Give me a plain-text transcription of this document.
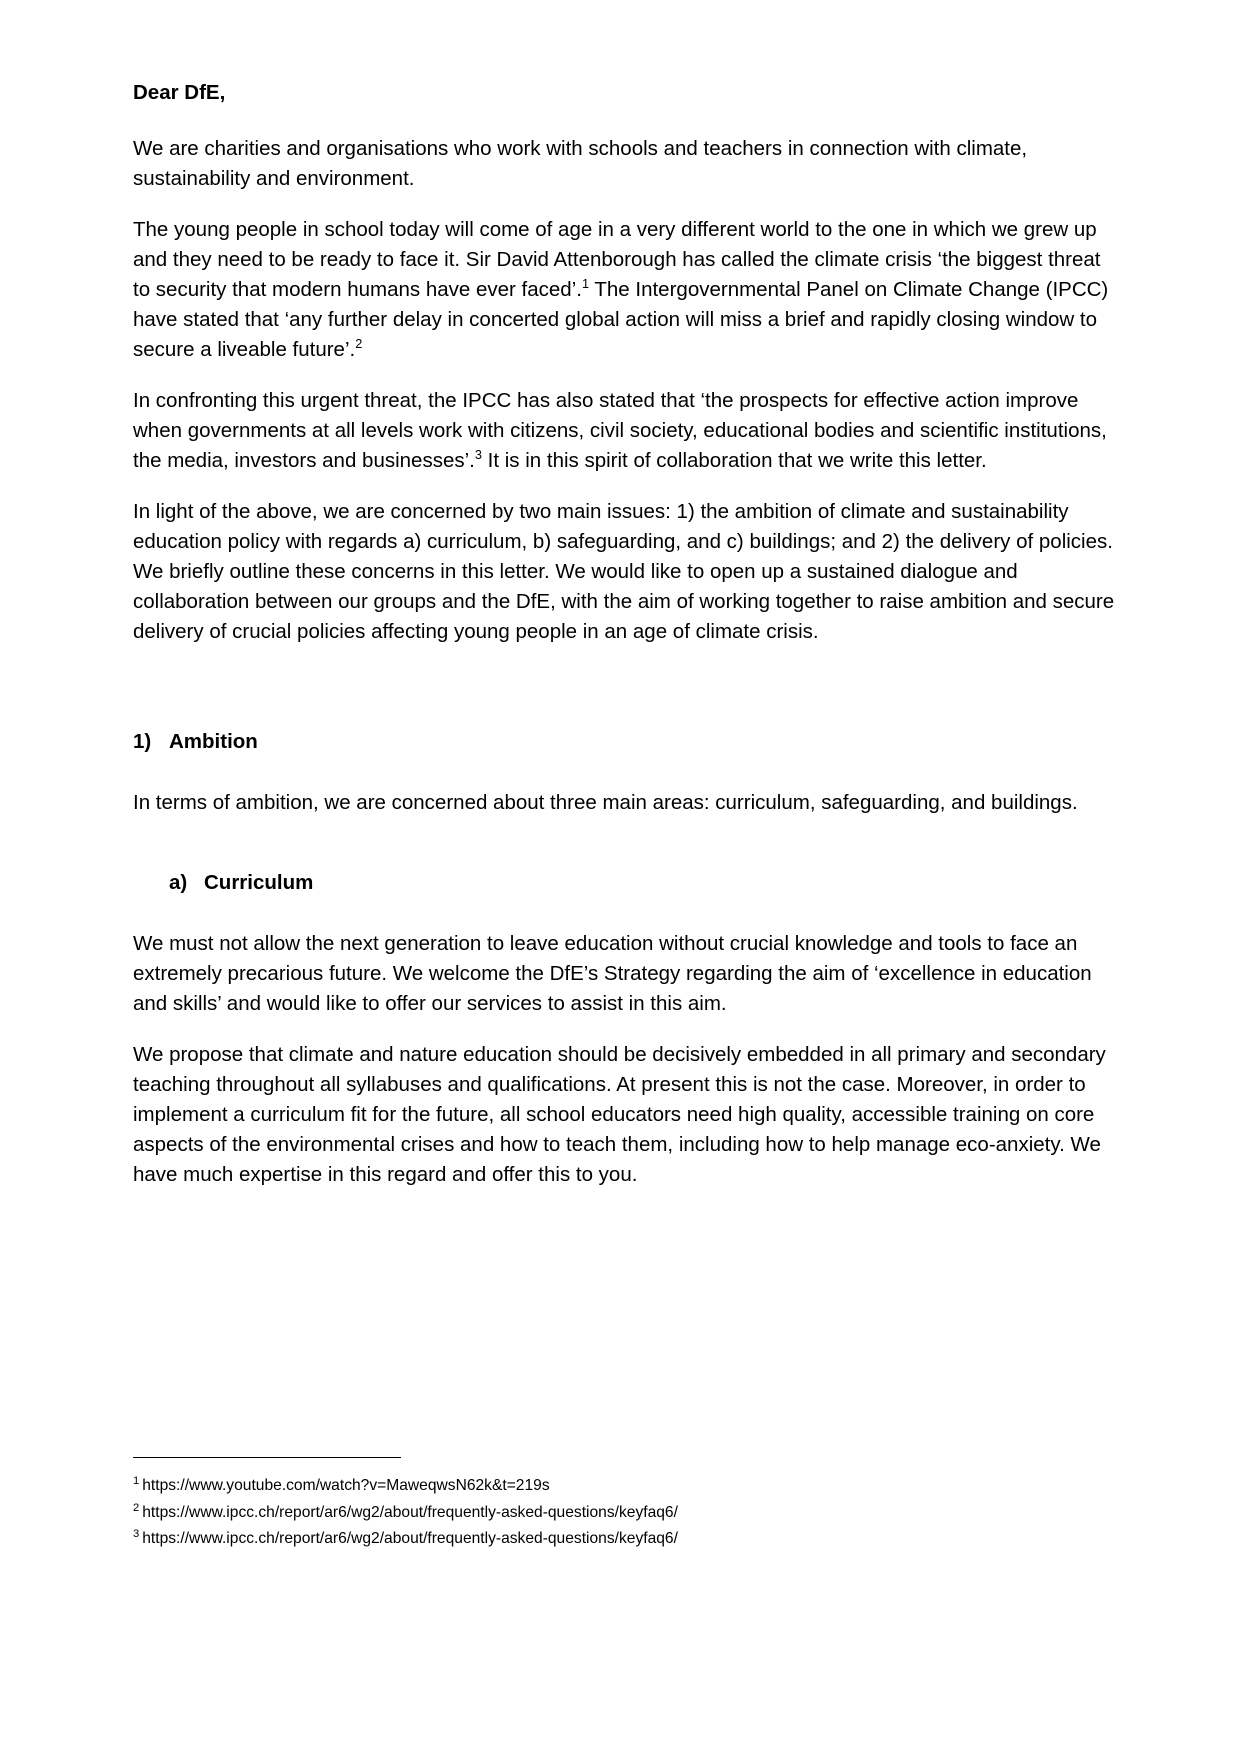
Dear DfE,

We are charities and organisations who work with schools and teachers in connection with climate, sustainability and environment.

The young people in school today will come of age in a very different world to the one in which we grew up and they need to be ready to face it. Sir David Attenborough has called the climate crisis ‘the biggest threat to security that modern humans have ever faced’.$^1$ The Intergovernmental Panel on Climate Change (IPCC) have stated that ‘any further delay in concerted global action will miss a brief and rapidly closing window to secure a liveable future’.$^2$

In confronting this urgent threat, the IPCC has also stated that ‘the prospects for effective action improve when governments at all levels work with citizens, civil society, educational bodies and scientific institutions, the media, investors and businesses’.$^3$ It is in this spirit of collaboration that we write this letter.

In light of the above, we are concerned by two main issues: 1) the ambition of climate and sustainability education policy with regards a) curriculum, b) safeguarding, and c) buildings; and 2) the delivery of policies. We briefly outline these concerns in this letter. We would like to open up a sustained dialogue and collaboration between our groups and the DfE, with the aim of working together to raise ambition and secure delivery of crucial policies affecting young people in an age of climate crisis.

1) Ambition

In terms of ambition, we are concerned about three main areas: curriculum, safeguarding, and buildings.

a) Curriculum

We must not allow the next generation to leave education without crucial knowledge and tools to face an extremely precarious future. We welcome the DfE’s Strategy regarding the aim of ‘excellence in education and skills’ and would like to offer our services to assist in this aim.

We propose that climate and nature education should be decisively embedded in all primary and secondary teaching throughout all syllabuses and qualifications. At present this is not the case. Moreover, in order to implement a curriculum fit for the future, all school educators need high quality, accessible training on core aspects of the environmental crises and how to teach them, including how to help manage eco-anxiety. We have much expertise in this regard and offer this to you.

$^1$ https://www.youtube.com/watch?v=MaweqwsN62k&t=219s
$^2$ https://www.ipcc.ch/report/ar6/wg2/about/frequently-asked-questions/keyfaq6/
$^3$ https://www.ipcc.ch/report/ar6/wg2/about/frequently-asked-questions/keyfaq6/
